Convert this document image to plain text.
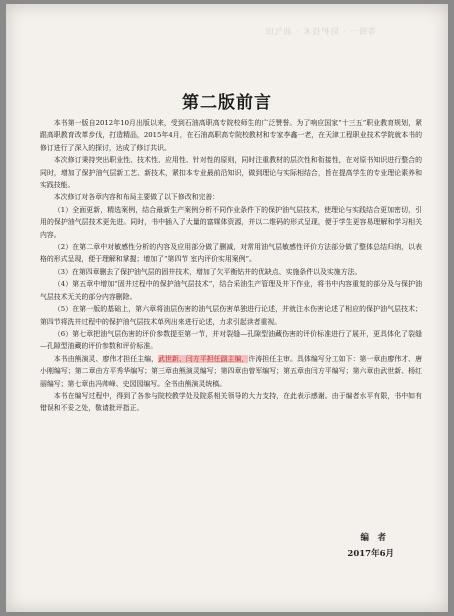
等级一 · 防护技术 · 油气田
第二版前言

本书第一版自2012年10月出版以来，受到石油高职高专院校师生的广泛赞誉。为了响应国家“十三五”职业教育规划，紧跟高职教育改革步伐，打造精品，2015年4月，在石油高职高专院校教材和专家李鑫一老，在天津工程职业技术学院就本书的修订进行了深入的探讨，达成了修订共识。

本次修订秉持突出职业性、技术性、应用性、针对性的原则，同时注重教材的层次性和衔接性，在对原书知识进行整合的同时，增加了保护油气层新工艺、新技术，紧扣本专业最前沿知识，做到理论与实际相结合，旨在提高学生的专业理论素养和实践技能。

本次修订对各章内容和布局主要做了以下修改和完善：

（1）全面更新，精选案例，结合最新生产案例分析不同作业条件下的保护油气层技术，使理论与实践结合更加密切，引用的保护油气层技术更先进。同时，书中插入了大量的富媒体资源，并以二维码的形式呈现，便于学生更容易理解和学习相关内容。

（2）在第二章中对敏感性分析的内容及应用部分做了删减，对常用油气层敏感性评价方法部分做了整体总结归纳，以表格的形式呈现，便于理解和掌握；增加了“第四节 室内评价实用案例”。

（3）在第四章删去了保护油气层的固井技术，增加了欠平衡钻井的优缺点、实施条件以及实施方法。

（4）第五章中增加“固井过程中的保护油气层技术”，结合采油生产管理及井下作业，将书中内容重复的部分及与保护油气层技术无关的部分内容删除。

（5）在第一版的基础上，第六章将油层伤害的油气层伤害单独进行论述，并就注水伤害论述了相应的保护油气层技术；第四节将洗井过程中的保护油气层技术单列出来进行论述，力求引起读者重视。

（6）第七章把油气层伤害的评价参数提至第一节，并对裂缝—孔隙型油藏伤害的评价标准进行了展开，更具体化了裂缝—孔隙型油藏的评价参数和评价标准。

本书由熊演灵、廖伟才担任主编，武世新、闫方平担任副主编，许涛担任主审。具体编写分工如下：第一章由廖伟才、唐小刚编写；第二章由方平秀华编写；第三章由熊演灵编写；第四章由曾军编写；第五章由闫方平编写；第六章由武世新、杨红丽编写；第七章由冯帅峰、史园园编写。全书由熊演灵统稿。

本书在编写过程中，得到了各参与院校教学处及院系相关领导的大力支持，在此表示感谢。由于编者水平有限，书中如有错误和不妥之处，敬请批评指正。

编　者
2017年6月
